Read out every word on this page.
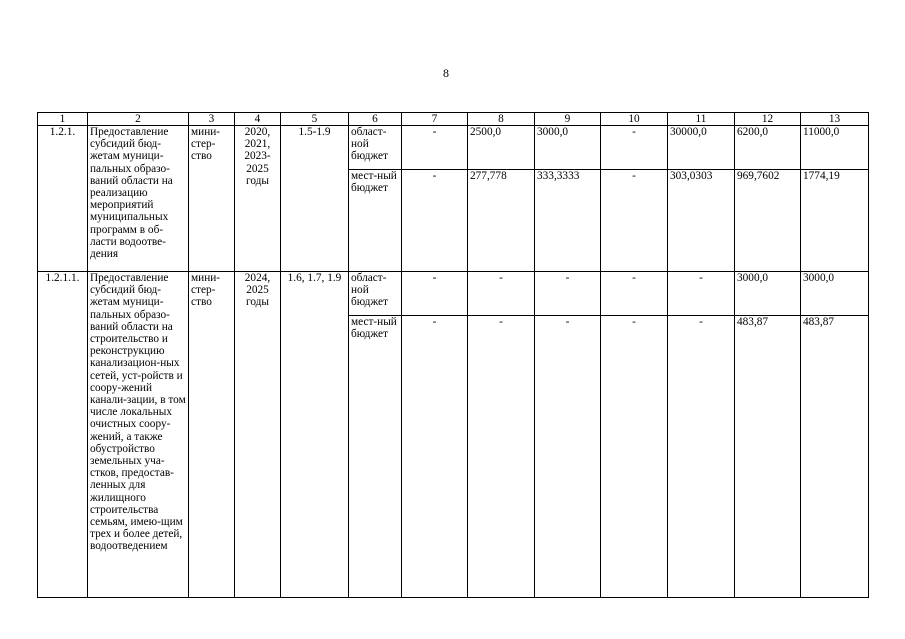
8
1	2	3	4	5	6	7	8	9	10	11	12	13
1.2.1.	Предоставление субсидий бюд-жетам муници-пальных образо-ваний области на реализацию мероприятий муниципальных программ в об-ласти водоотве-дения	мини-стер-ство	2020, 2021, 2023-2025 годы	1.5-1.9	област-ной бюджет	-	2500,0	3000,0	-	30000,0	6200,0	11000,0
					мест-ный бюджет	-	277,778	333,3333	-	303,0303	969,7602	1774,19
1.2.1.1.	Предоставление субсидий бюд-жетам муници-пальных образо-ваний области на строительство и реконструкцию канализацион-ных сетей, уст-ройств и соору-жений канали-зации, в том числе локальных очистных соору-жений, а также обустройство земельных уча-стков, предостав-ленных для жилищного строительства семьям, имею-щим трех и более детей, водоотведением	мини-стер-ство	2024, 2025 годы	1.6, 1.7, 1.9	област-ной бюджет	-	-	-	-	-	3000,0	3000,0
					мест-ный бюджет	-	-	-	-	-	483,87	483,87
